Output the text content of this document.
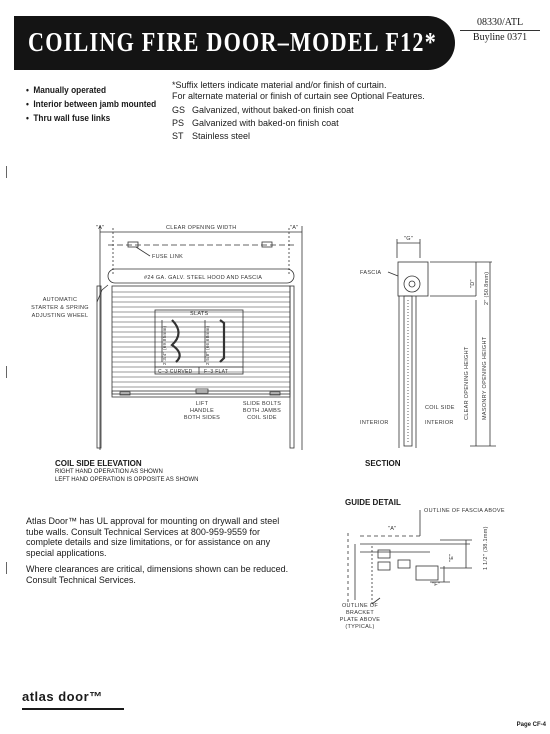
COILING FIRE DOOR–MODEL F12*
08330/ATL
Buyline 0371
• Manually operated
• Interior between jamb mounted
• Thru wall fuse links
*Suffix letters indicate material and/or finish of curtain.
For alternate material or finish of curtain see Optional Features.
GS Galvanized, without baked-on finish coat
PS Galvanized with baked-on finish coat
ST Stainless steel
"A"	"A"
CLEAR OPENING WIDTH
FUSE LINK
#24 GA. GALV. STEEL HOOD AND FASCIA
AUTOMATIC
STARTER & SPRING
ADJUSTING WHEEL	SLATS
2 3/4" (69.85mm)	2 5/8" (66.68mm)
C–3 CURVED F–3 FLAT
LIFT
HANDLE
BOTH SIDES
SLIDE BOLTS
BOTH JAMBS
COIL SIDE
"G"
FASCIA
"D" 2" (50.8mm)
CLEAR OPENING HEIGHT MASONRY OPENING HEIGHT
COIL SIDE
INTERIOR	INTERIOR
OUTLINE OF FASCIA ABOVE
"A"	1 1/2" (38.1mm)
"E"
"F"
OUTLINE OF
BRACKET
PLATE ABOVE
(TYPICAL)
COIL SIDE ELEVATION
RIGHT HAND OPERATION AS SHOWN
LEFT HAND OPERATION IS OPPOSITE AS SHOWN
SECTION
GUIDE DETAIL
Atlas Door™ has UL approval for mounting on drywall and steel tube walls. Consult Technical Services at 800-959-9559 for complete details and size limitations, or for assistance on any special applications.
Where clearances are critical, dimensions shown can be reduced. Consult Technical Services.
atlas door™
Page CF-4
